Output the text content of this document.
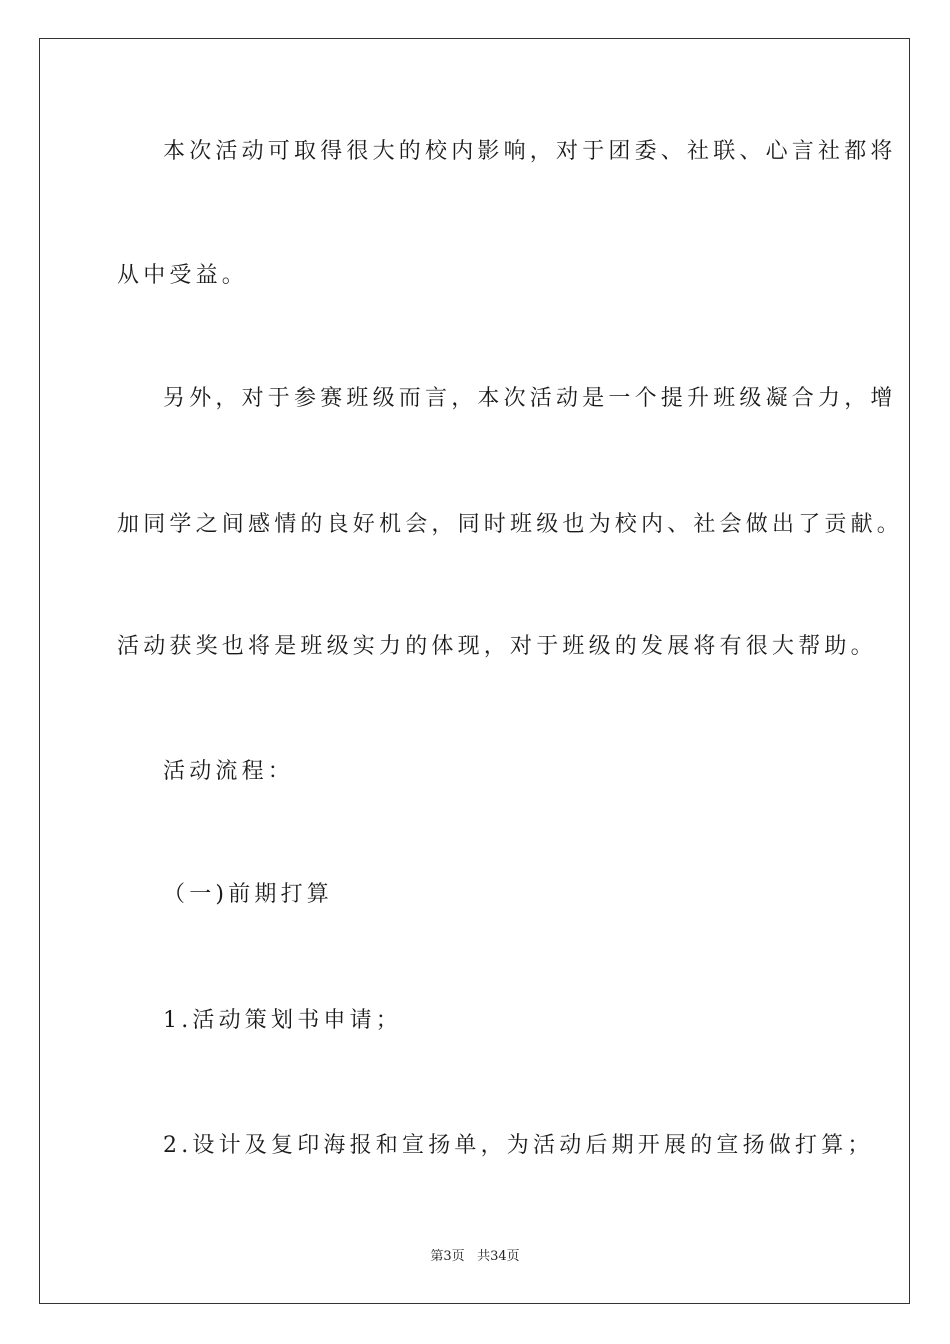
本次活动可取得很大的校内影响，对于团委、社联、心言社都将
从中受益。
另外，对于参赛班级而言，本次活动是一个提升班级凝合力，增
加同学之间感情的良好机会，同时班级也为校内、社会做出了贡献。
活动获奖也将是班级实力的体现，对于班级的发展将有很大帮助。
活动流程：
（一)前期打算
1.活动策划书申请；
2.设计及复印海报和宣扬单，为活动后期开展的宣扬做打算；
第3页 共34页
